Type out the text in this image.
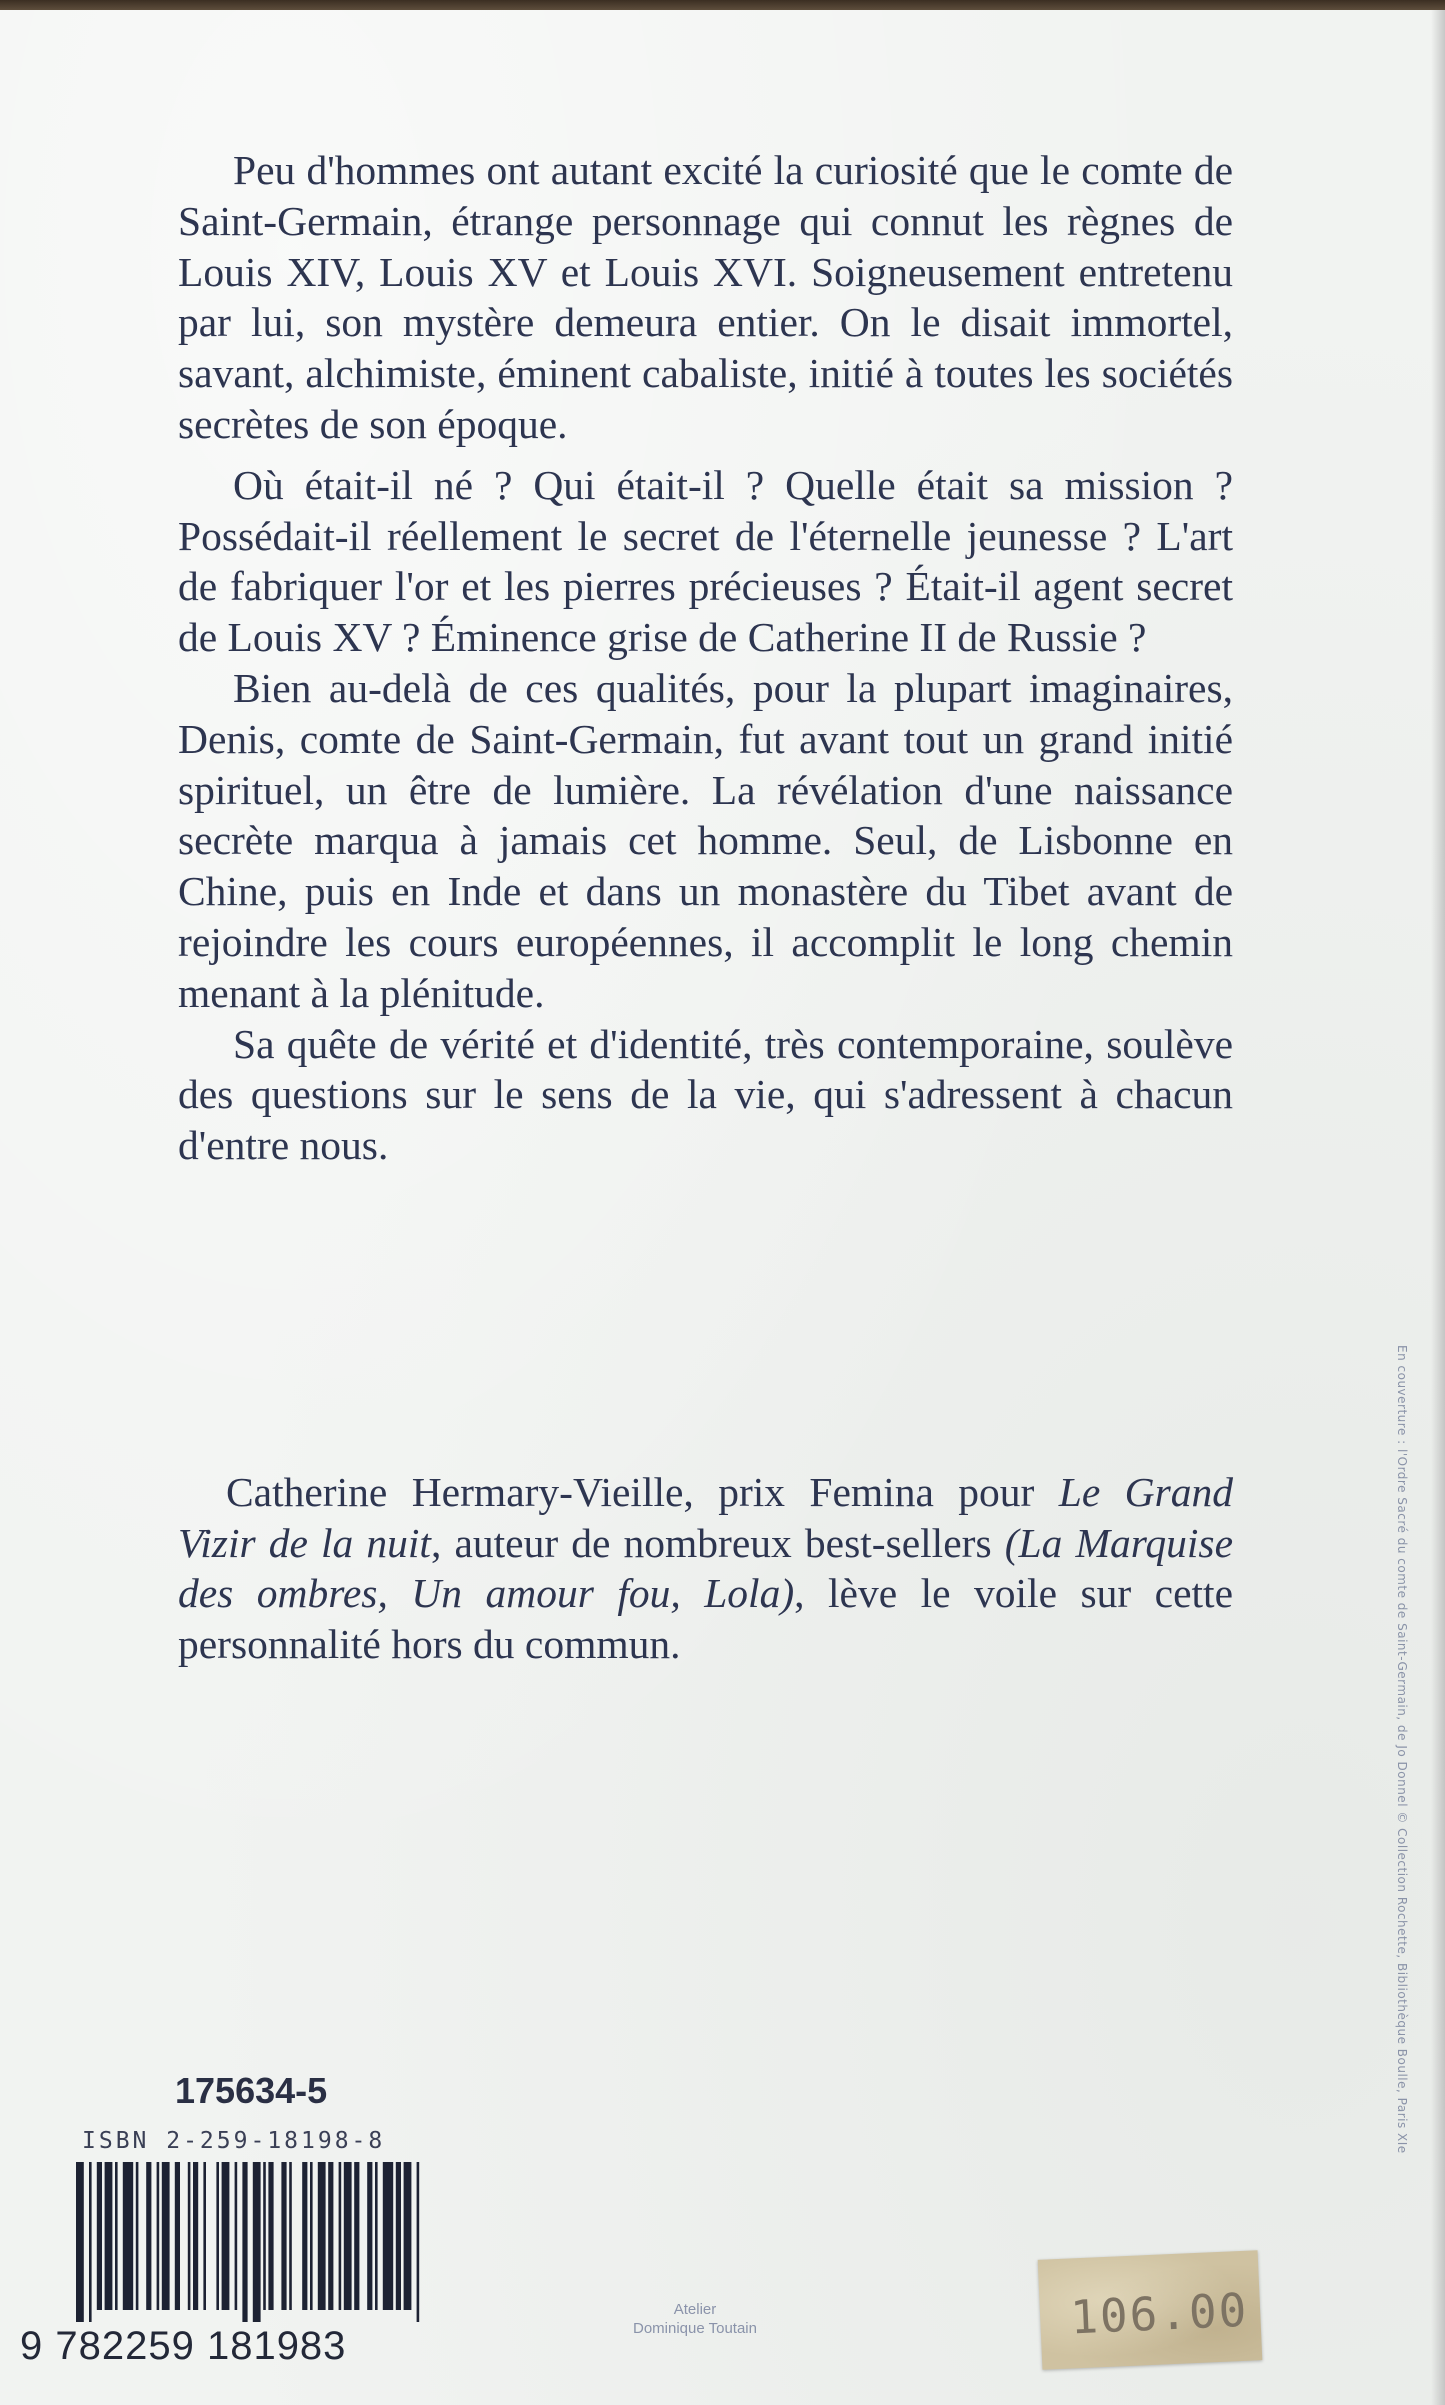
Peu d'hommes ont autant excité la curiosité que le comte de Saint-Germain, étrange personnage qui connut les règnes de Louis XIV, Louis XV et Louis XVI. Soigneusement entretenu par lui, son mystère demeura entier. On le disait immortel, savant, alchimiste, éminent cabaliste, initié à toutes les sociétés secrètes de son époque.

Où était-il né ? Qui était-il ? Quelle était sa mission ? Possédait-il réellement le secret de l'éternelle jeunesse ? L'art de fabriquer l'or et les pierres précieuses ? Était-il agent secret de Louis XV ? Éminence grise de Catherine II de Russie ?

Bien au-delà de ces qualités, pour la plupart imaginaires, Denis, comte de Saint-Germain, fut avant tout un grand initié spirituel, un être de lumière. La révélation d'une naissance secrète marqua à jamais cet homme. Seul, de Lisbonne en Chine, puis en Inde et dans un monastère du Tibet avant de rejoindre les cours européennes, il accomplit le long chemin menant à la plénitude.

Sa quête de vérité et d'identité, très contemporaine, soulève des questions sur le sens de la vie, qui s'adressent à chacun d'entre nous.

Catherine Hermary-Vieille, prix Femina pour Le Grand Vizir de la nuit, auteur de nombreux best-sellers (La Marquise des ombres, Un amour fou, Lola), lève le voile sur cette personnalité hors du commun.	En couverture : l'Ordre Sacré du comte de Saint-Germain, de Jo Donnel © Collection Rochette, Bibliothèque Boulle, Paris XIe
175634-5
ISBN 2-259-18198-8
9 782259 181983
Atelier
Dominique Toutain	106.00
